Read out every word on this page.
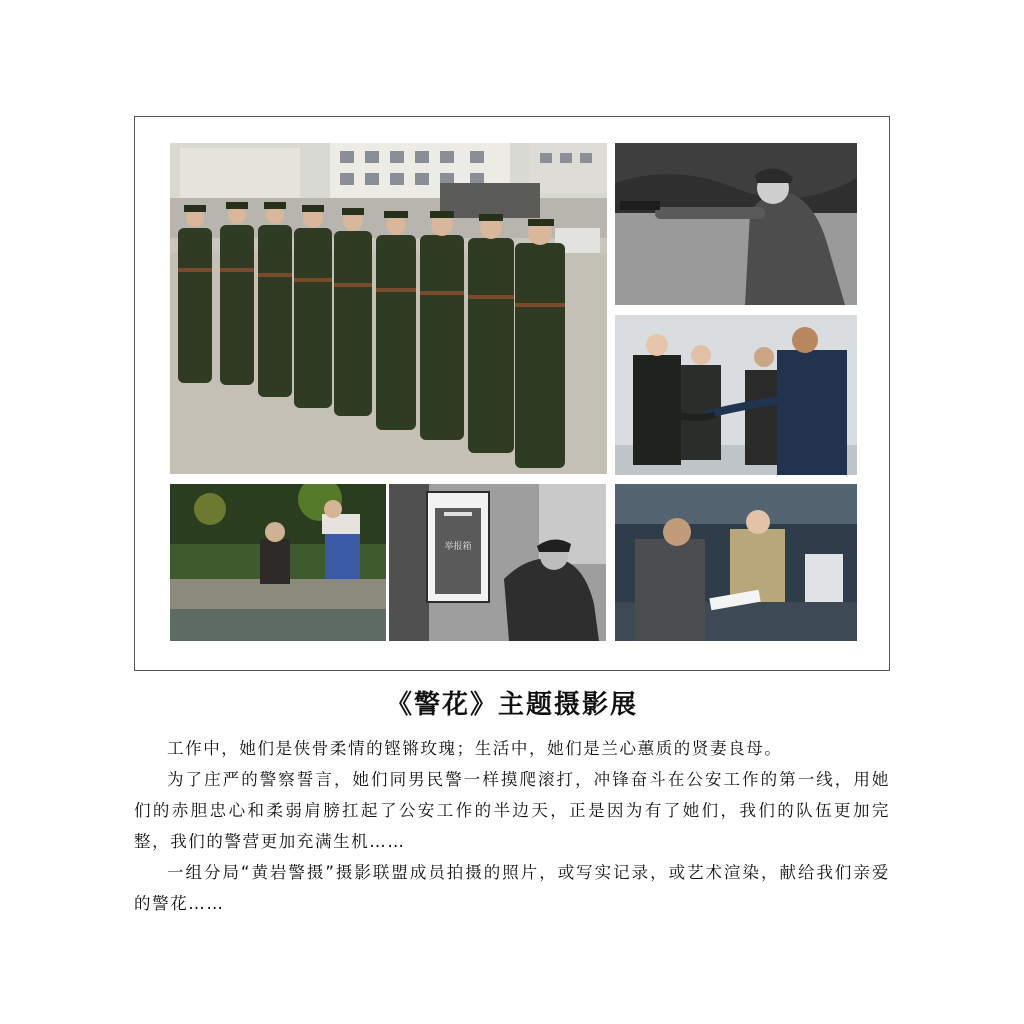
举报箱
《警花》主题摄影展

工作中，她们是侠骨柔情的铿锵玫瑰；生活中，她们是兰心蕙质的贤妻良母。

为了庄严的警察誓言，她们同男民警一样摸爬滚打，冲锋奋斗在公安工作的第一线，用她们的赤胆忠心和柔弱肩膀扛起了公安工作的半边天，正是因为有了她们，我们的队伍更加完整，我们的警营更加充满生机……

一组分局“黄岩警摄”摄影联盟成员拍摄的照片，或写实记录，或艺术渲染，献给我们亲爱的警花……
